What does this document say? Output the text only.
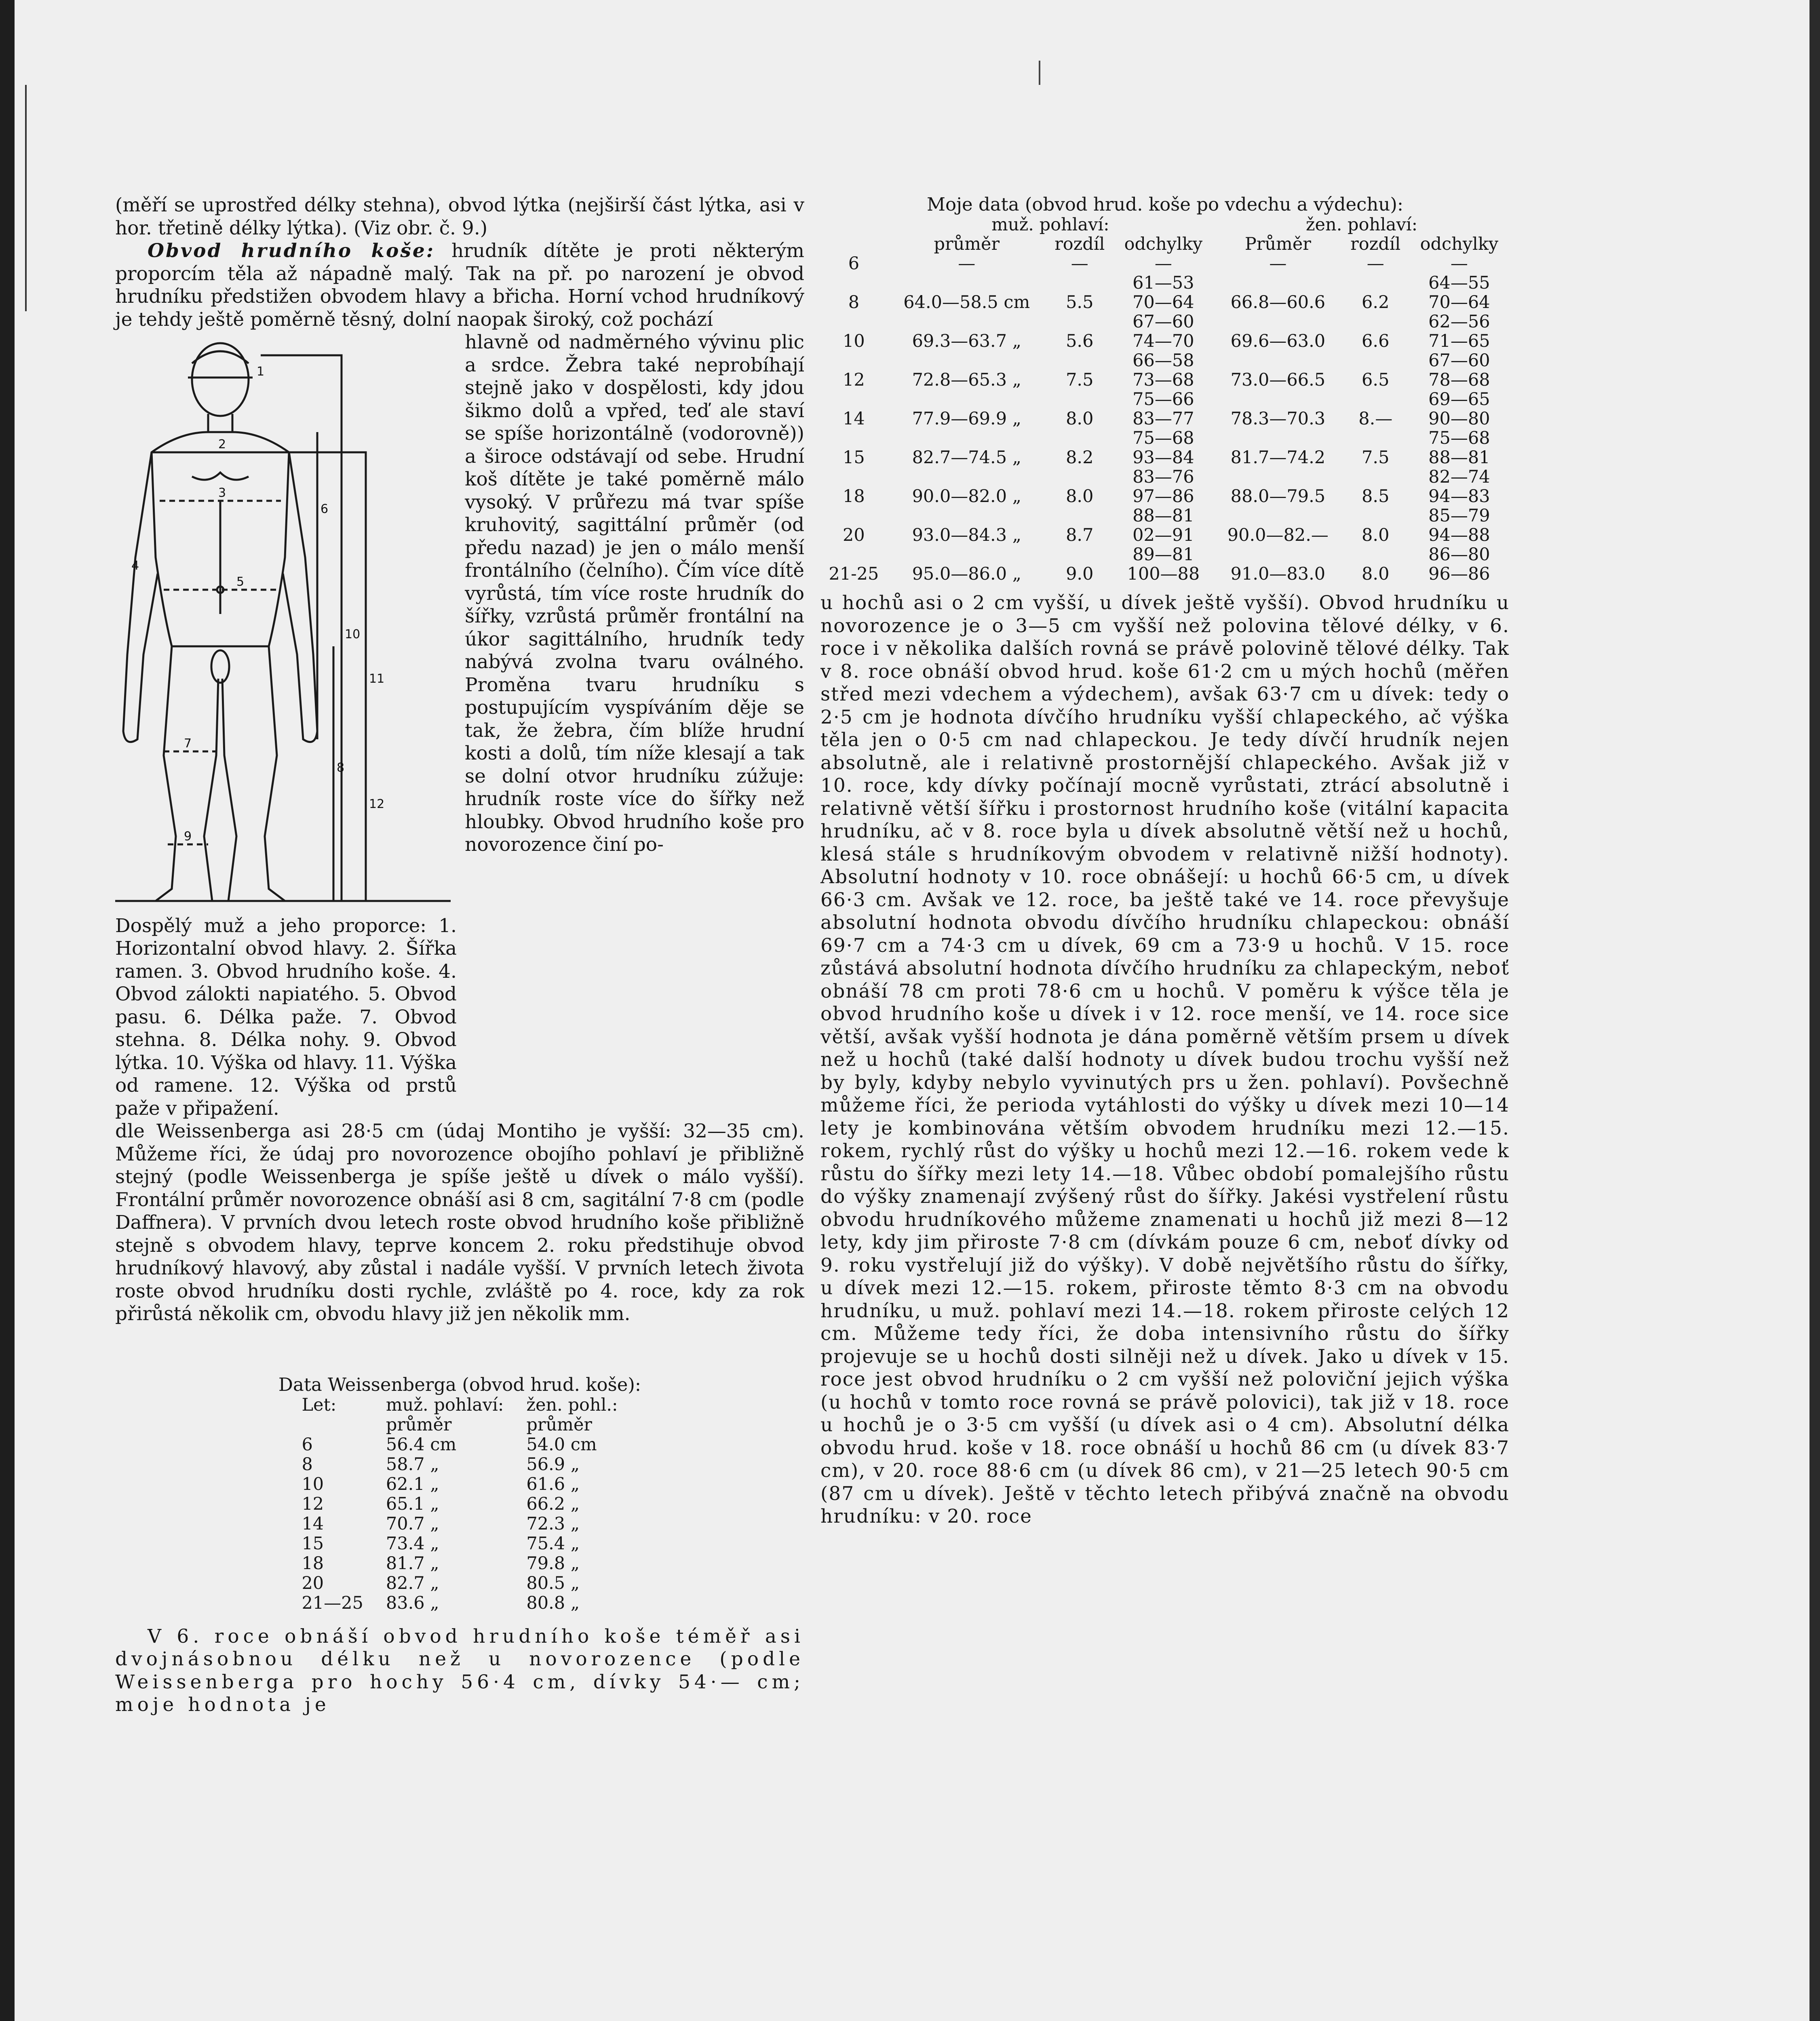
(měří se uprostřed délky stehna), obvod lýtka (nejširší část lýtka, asi v hor. třetině délky lýtka). (Viz obr. č. 9.)

Obvod hrudního koše: hrudník dítěte je proti některým proporcím těla až nápadně malý. Tak na př. po narození je obvod hrudníku předstižen obvodem hlavy a břicha. Horní vchod hrudníkový je tehdy ještě poměrně těsný, dolní naopak široký, což pochází

1
2
3
4
5
6
7
8
9
10
11
12

Dospělý muž a jeho proporce: 1. Horizontalní obvod hlavy. 2. Šířka ramen. 3. Obvod hrudního koše. 4. Obvod zálokti napiatého. 5. Obvod pasu. 6. Délka paže. 7. Obvod stehna. 8. Délka nohy. 9. Obvod lýtka. 10. Výška od hlavy. 11. Výška od ramene. 12. Výška od prstů paže v připažení.

hlavně od nadměrného vývinu plic a srdce. Žebra také neprobíhají stejně jako v dospělosti, kdy jdou šikmo dolů a vpřed, teď ale staví se spíše horizontálně (vodorovně)) a široce odstávají od sebe. Hrudní koš dítěte je také poměrně málo vysoký. V průřezu má tvar spíše kruhovitý, sagittální průměr (od předu nazad) je jen o málo menší frontálního (čelního). Čím více dítě vyrůstá, tím více roste hrudník do šířky, vzrůstá průměr frontální na úkor sagittálního, hrudník tedy nabývá zvolna tvaru oválného. Proměna tvaru hrudníku s postupujícím vyspíváním děje se tak, že žebra, čím blíže hrudní kosti a dolů, tím níže klesají a tak se dolní otvor hrudníku zúžuje: hrudník roste více do šířky než hloubky. Obvod hrudního koše pro novorozence činí po-

dle Weissenberga asi 28·5 cm (údaj Montiho je vyšší: 32—35 cm). Můžeme říci, že údaj pro novorozence obojího pohlaví je přibližně stejný (podle Weissenberga je spíše ještě u dívek o málo vyšší). Frontální průměr novorozence obnáší asi 8 cm, sagitální 7·8 cm (podle Daffnera). V prvních dvou letech roste obvod hrudního koše přibližně stejně s obvodem hlavy, teprve koncem 2. roku předstihuje obvod hrudníkový hlavový, aby zůstal i nadále vyšší. V prvních letech života roste obvod hrudníku dosti rychle, zvláště po 4. roce, kdy za rok přirůstá několik cm, obvodu hlavy již jen několik mm.

Data Weissenberga (obvod hrud. koše):
Let:	muž. pohlaví:	žen. pohl.:
	průměr	průměr
6	56.4 cm	54.0 cm
8	58.7 „	56.9 „
10	62.1 „	61.6 „
12	65.1 „	66.2 „
14	70.7 „	72.3 „
15	73.4 „	75.4 „
18	81.7 „	79.8 „
20	82.7 „	80.5 „
21—25	83.6 „	80.8 „

V 6. roce obnáší obvod hrudního koše téměř asi dvojnásobnou délku než u novorozence (podle Weissenberga pro hochy 56·4 cm, dívky 54·— cm; moje hodnota je

Moje data (obvod hrud. koše po vdechu a výdechu):
	muž. pohlaví:			žen. pohlaví:		
	průměr	rozdíl	odchylky	Průměr	rozdíl	odchylky
6	—	—	—	—	—	—
			61—53			64—55
8	64.0—58.5 cm	5.5	70—64	66.8—60.6	6.2	70—64
			67—60			62—56
10	69.3—63.7 „	5.6	74—70	69.6—63.0	6.6	71—65
			66—58			67—60
12	72.8—65.3 „	7.5	73—68	73.0—66.5	6.5	78—68
			75—66			69—65
14	77.9—69.9 „	8.0	83—77	78.3—70.3	8.—	90—80
			75—68			75—68
15	82.7—74.5 „	8.2	93—84	81.7—74.2	7.5	88—81
			83—76			82—74
18	90.0—82.0 „	8.0	97—86	88.0—79.5	8.5	94—83
			88—81			85—79
20	93.0—84.3 „	8.7	02—91	90.0—82.—	8.0	94—88
			89—81			86—80
21-25	95.0—86.0 „	9.0	100—88	91.0—83.0	8.0	96—86

u hochů asi o 2 cm vyšší, u dívek ještě vyšší). Obvod hrudníku u novorozence je o 3—5 cm vyšší než polovina tělové délky, v 6. roce i v několika dalších rovná se právě polovině tělové délky. Tak v 8. roce obnáší obvod hrud. koše 61·2 cm u mých hochů (měřen střed mezi vdechem a výdechem), avšak 63·7 cm u dívek: tedy o 2·5 cm je hodnota dívčího hrudníku vyšší chlapeckého, ač výška těla jen o 0·5 cm nad chlapeckou. Je tedy dívčí hrudník nejen absolutně, ale i relativně prostornější chlapeckého. Avšak již v 10. roce, kdy dívky počínají mocně vyrůstati, ztrácí absolutně i relativně větší šířku i prostornost hrudního koše (vitální kapacita hrudníku, ač v 8. roce byla u dívek absolutně větší než u hochů, klesá stále s hrudníkovým obvodem v relativně nižší hodnoty). Absolutní hodnoty v 10. roce obnášejí: u hochů 66·5 cm, u dívek 66·3 cm. Avšak ve 12. roce, ba ještě také ve 14. roce převyšuje absolutní hodnota obvodu dívčího hrudníku chlapeckou: obnáší 69·7 cm a 74·3 cm u dívek, 69 cm a 73·9 u hochů. V 15. roce zůstává absolutní hodnota dívčího hrudníku za chlapeckým, neboť obnáší 78 cm proti 78·6 cm u hochů. V poměru k výšce těla je obvod hrudního koše u dívek i v 12. roce menší, ve 14. roce sice větší, avšak vyšší hodnota je dána poměrně větším prsem u dívek než u hochů (také další hodnoty u dívek budou trochu vyšší než by byly, kdyby nebylo vyvinutých prs u žen. pohlaví). Povšechně můžeme říci, že perioda vytáhlosti do výšky u dívek mezi 10—14 lety je kombinována větším obvodem hrudníku mezi 12.—15. rokem, rychlý růst do výšky u hochů mezi 12.—16. rokem vede k růstu do šířky mezi lety 14.—18. Vůbec období pomalejšího růstu do výšky znamenají zvýšený růst do šířky. Jakési vystřelení růstu obvodu hrudníkového můžeme znamenati u hochů již mezi 8—12 lety, kdy jim přiroste 7·8 cm (dívkám pouze 6 cm, neboť dívky od 9. roku vystřelují již do výšky). V době největšího růstu do šířky, u dívek mezi 12.—15. rokem, přiroste těmto 8·3 cm na obvodu hrudníku, u muž. pohlaví mezi 14.—18. rokem přiroste celých 12 cm. Můžeme tedy říci, že doba intensivního růstu do šířky projevuje se u hochů dosti silněji než u dívek. Jako u dívek v 15. roce jest obvod hrudníku o 2 cm vyšší než poloviční jejich výška (u hochů v tomto roce rovná se právě polovici), tak již v 18. roce u hochů je o 3·5 cm vyšší (u dívek asi o 4 cm). Absolutní délka obvodu hrud. koše v 18. roce obnáší u hochů 86 cm (u dívek 83·7 cm), v 20. roce 88·6 cm (u dívek 86 cm), v 21—25 letech 90·5 cm (87 cm u dívek). Ještě v těchto letech přibývá značně na obvodu hrudníku: v 20. roce
